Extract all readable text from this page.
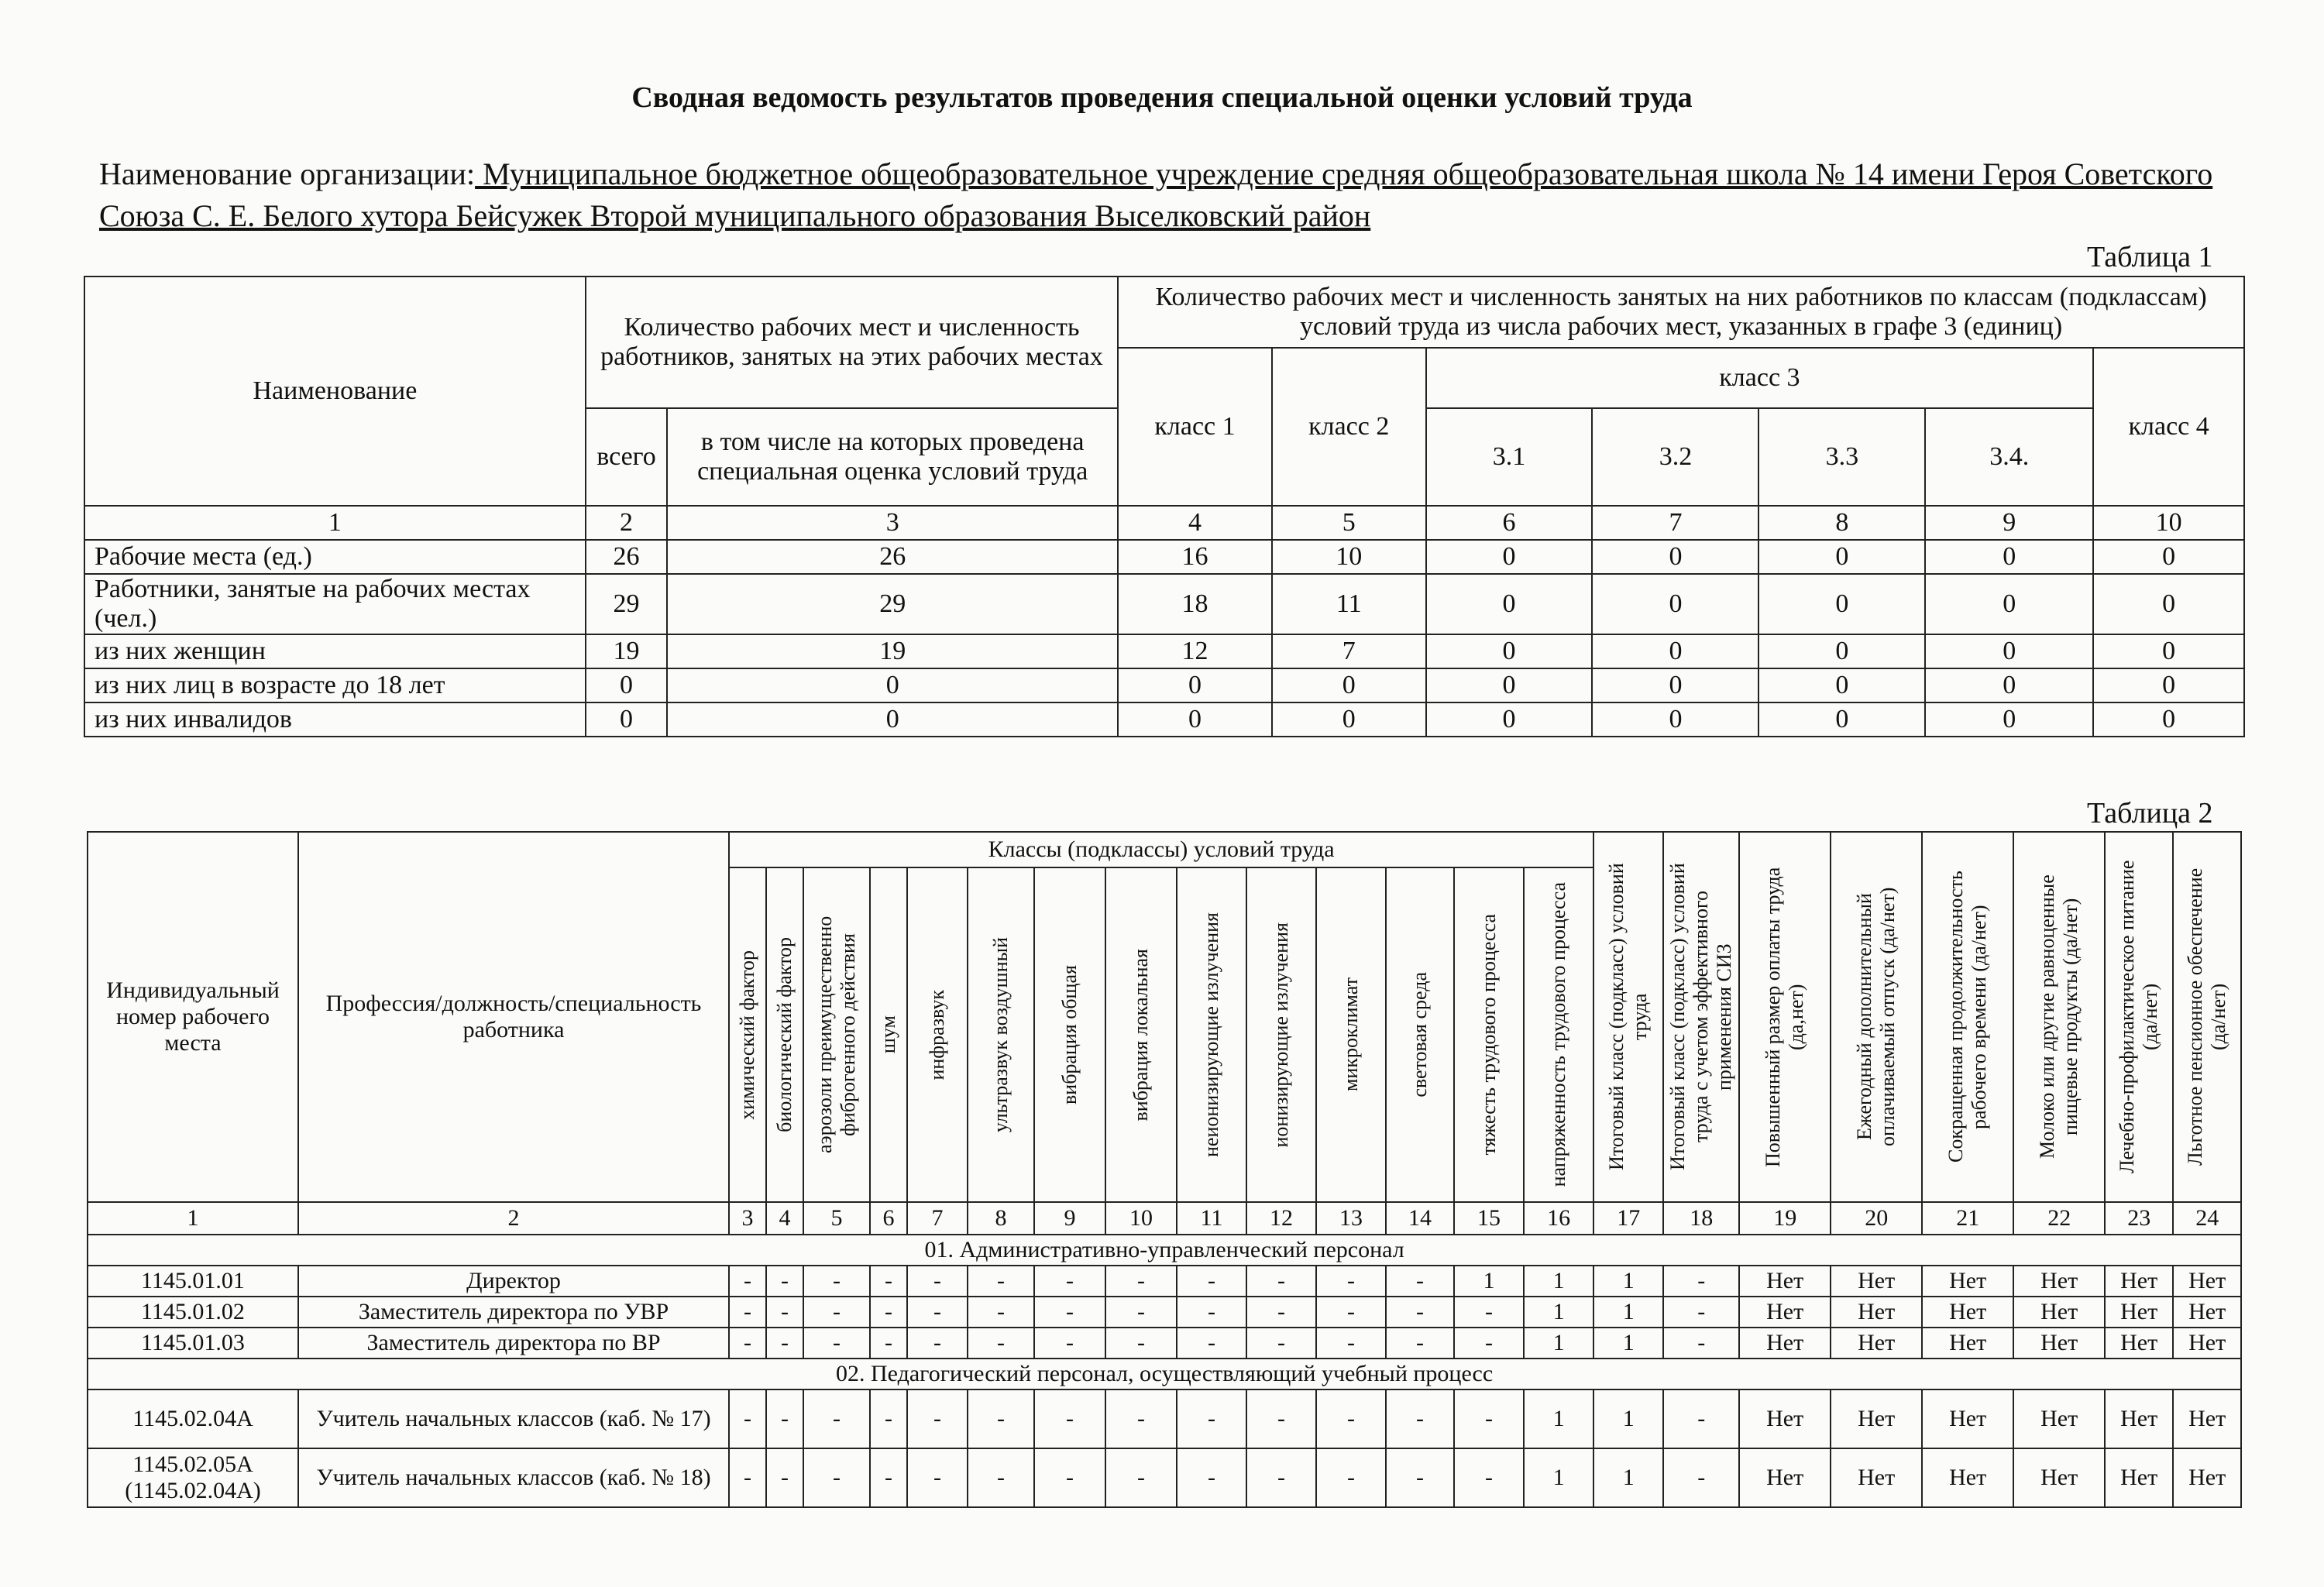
Сводная ведомость результатов проведения специальной оценки условий труда
Наименование организации: Муниципальное бюджетное общеобразовательное учреждение средняя общеобразовательная школа № 14 имени Героя Советского Союза С. Е. Белого хутора Бейсужек Второй муниципального образования Выселковский район
Таблица 1
Наименование	Количество рабочих мест и численность работников, занятых на этих рабочих местах		Количество рабочих мест и численность занятых на них работников по классам (подклассам) условий труда из числа рабочих мест, указанных в графе 3 (единиц)						
			класс 1	класс 2	класс 3				класс 4
	всего	в том числе на которых проведена специальная оценка условий труда			3.1	3.2	3.3	3.4.	
1	2	3	4	5	6	7	8	9	10
Рабочие места (ед.)	26	26	16	10	0	0	0	0	0
Работники, занятые на рабочих местах (чел.)	29	29	18	11	0	0	0	0	0
из них женщин	19	19	12	7	0	0	0	0	0
из них лиц в возрасте до 18 лет	0	0	0	0	0	0	0	0	0
из них инвалидов	0	0	0	0	0	0	0	0	0
Таблица 2
Индивидуальный номер рабочего места	Профессия/должность/специальность работника	Классы (подклассы) условий труда														Итоговый класс (подкласс) условий труда	Итоговый класс (подкласс) условий труда с учетом эффективного применения СИЗ	Повышенный размер оплаты труда (да,нет)	Ежегодный дополнительный оплачиваемый отпуск (да/нет)	Сокращенная продолжительность рабочего времени (да/нет)	Молоко или другие равноценные пищевые продукты (да/нет)	Лечебно-профилактическое питание (да/нет)	Льготное пенсионное обеспечение (да/нет)

		химический фактор	биологический фактор	аэрозоли преимущественно фиброгенного действия	шум	инфразвук	ультразвук воздушный	вибрация общая	вибрация локальная	неионизирующие излучения	ионизирующие излучения	микроклимат	световая среда	тяжесть трудового процесса	напряженность трудового процесса								

1	2	3	4	5	6	7	8	9	10	11	12	13	14	15	16	17	18	19	20	21	22	23	24
01. Административно-управленческий персонал																							
1145.01.01	Директор	-	-	-	-	-	-	-	-	-	-	-	-	1	1	1	-	Нет	Нет	Нет	Нет	Нет	Нет
1145.01.02	Заместитель директора по УВР	-	-	-	-	-	-	-	-	-	-	-	-	-	1	1	-	Нет	Нет	Нет	Нет	Нет	Нет
1145.01.03	Заместитель директора по ВР	-	-	-	-	-	-	-	-	-	-	-	-	-	1	1	-	Нет	Нет	Нет	Нет	Нет	Нет
02. Педагогический персонал, осуществляющий учебный процесс																							
1145.02.04А	Учитель начальных классов (каб. № 17)	-	-	-	-	-	-	-	-	-	-	-	-	-	1	1	-	Нет	Нет	Нет	Нет	Нет	Нет
1145.02.05А (1145.02.04А)	Учитель начальных классов (каб. № 18)	-	-	-	-	-	-	-	-	-	-	-	-	-	1	1	-	Нет	Нет	Нет	Нет	Нет	Нет
